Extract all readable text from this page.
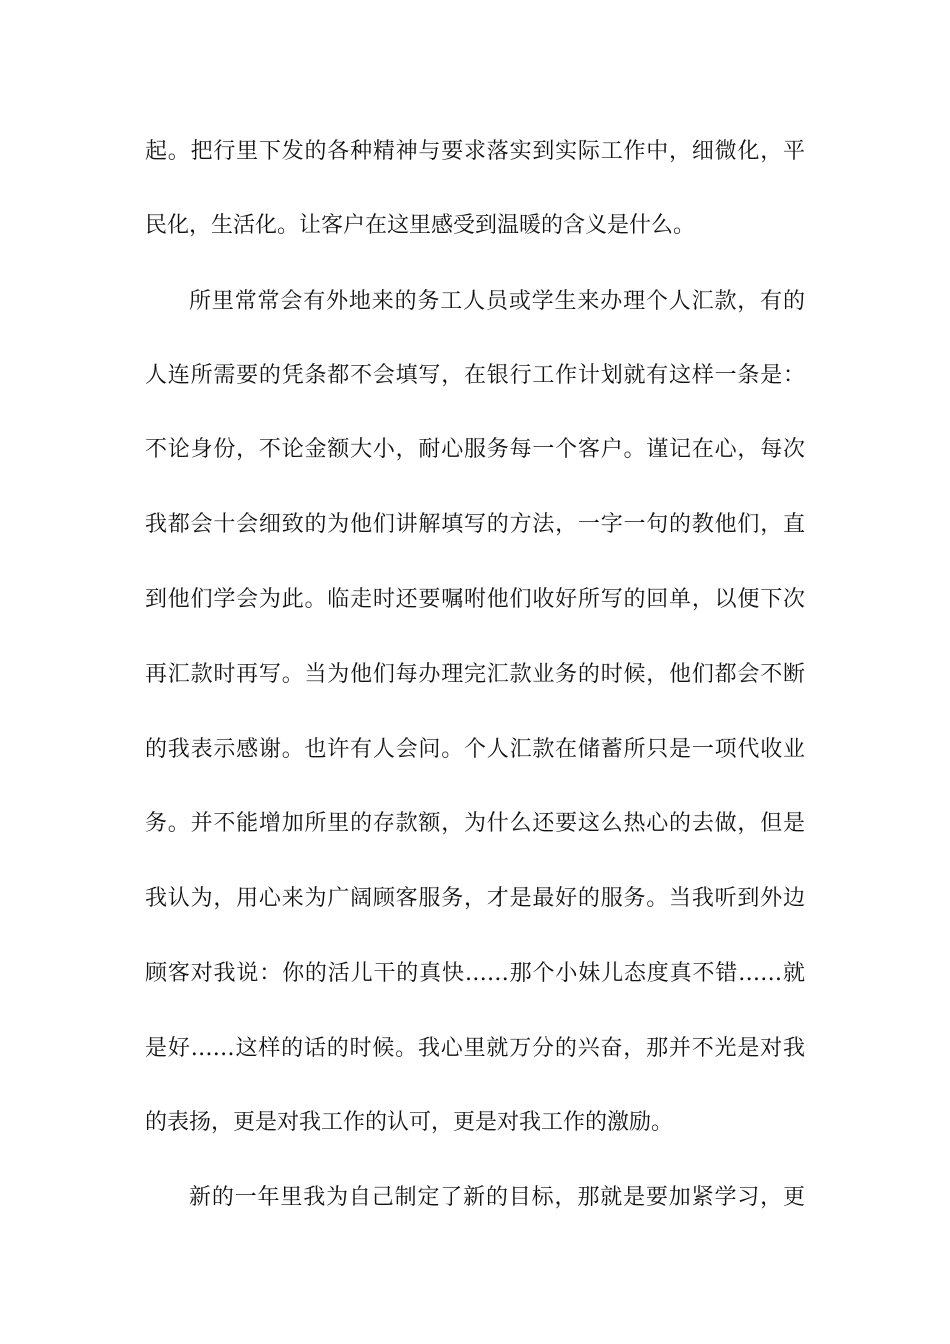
起。把行里下发的各种精神与要求落实到实际工作中，细微化，平
民化，生活化。让客户在这里感受到温暖的含义是什么。
所里常常会有外地来的务工人员或学生来办理个人汇款，有的
人连所需要的凭条都不会填写，在银行工作计划就有这样一条是：
不论身份，不论金额大小，耐心服务每一个客户。谨记在心，每次
我都会十会细致的为他们讲解填写的方法，一字一句的教他们，直
到他们学会为此。临走时还要嘱咐他们收好所写的回单，以便下次
再汇款时再写。当为他们每办理完汇款业务的时候，他们都会不断
的我表示感谢。也许有人会问。个人汇款在储蓄所只是一项代收业
务。并不能增加所里的存款额，为什么还要这么热心的去做，但是
我认为，用心来为广阔顾客服务，才是最好的服务。当我听到外边
顾客对我说：你的活儿干的真快……那个小妹儿态度真不错……就
是好……这样的话的时候。我心里就万分的兴奋，那并不光是对我
的表扬，更是对我工作的认可，更是对我工作的激励。
新的一年里我为自己制定了新的目标，那就是要加紧学习，更
